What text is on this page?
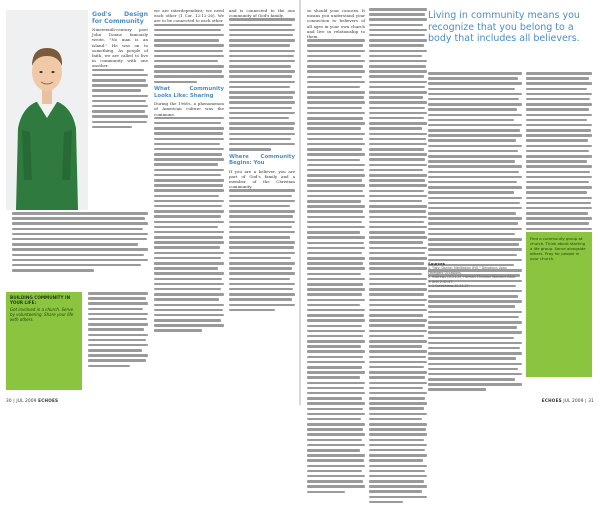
God's Design for Community
Nineteenth-century poet John Donne famously wrote, "No man is an island." He was on to something. As people of faith, we are called to live in community with one another.
BUILDING COMMUNITY IN YOUR LIFE:
Get involved in a church. Serve by volunteering. Share your life with others.
we are interdependent; we need each other (1 Cor. 12:12-26). We are to be connected to each other.
What Community Looks Like: Sharing
During the 1960s, a phenomenon of American culture was the commune.
and is connected to the one community of God's family.
Where Community Begins: You
If you are a believer, you are part of God's family and a member of the Christian community.
30 | JUL 2009 ECHOES
so should your concern. It means you understand your connection to believers of all ages in your own church and live in relationship to them.
ECHOES JUL 2009 | 31
Living in community means you recognize that you belong to a body that includes all believers.
Sources
1. "John Donne: Meditation XVII," Devotions Upon Emergent Occasions.
2. Hebrews 10:24-25, Holman Christian Standard Bible.
3. Acts 2:42-47.
4. 1 Corinthians 12:12-27.
Find a community group at church. Think about starting a life group. Serve alongside others. Pray for people in your church.
